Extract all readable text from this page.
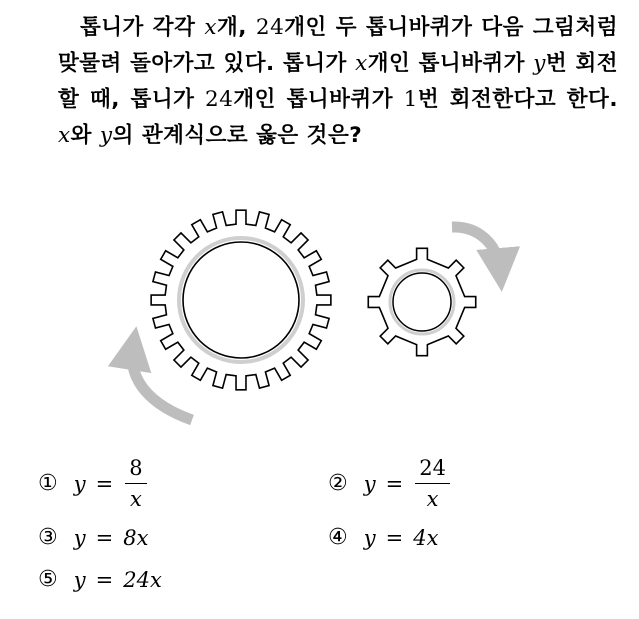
톱니가 각각 x개, 24개인 두 톱니바퀴가 다음 그림처럼 맞물려 돌아가고 있다. 톱니가 x개인 톱니바퀴가 y번 회전할 때, 톱니가 24개인 톱니바퀴가 1번 회전한다고 한다. x와 y의 관계식으로 옳은 것은?

① $y = \frac{8}{x}$	② $y = \frac{24}{x}$
③ y = 8x	④ y = 4x
⑤ y = 24x
